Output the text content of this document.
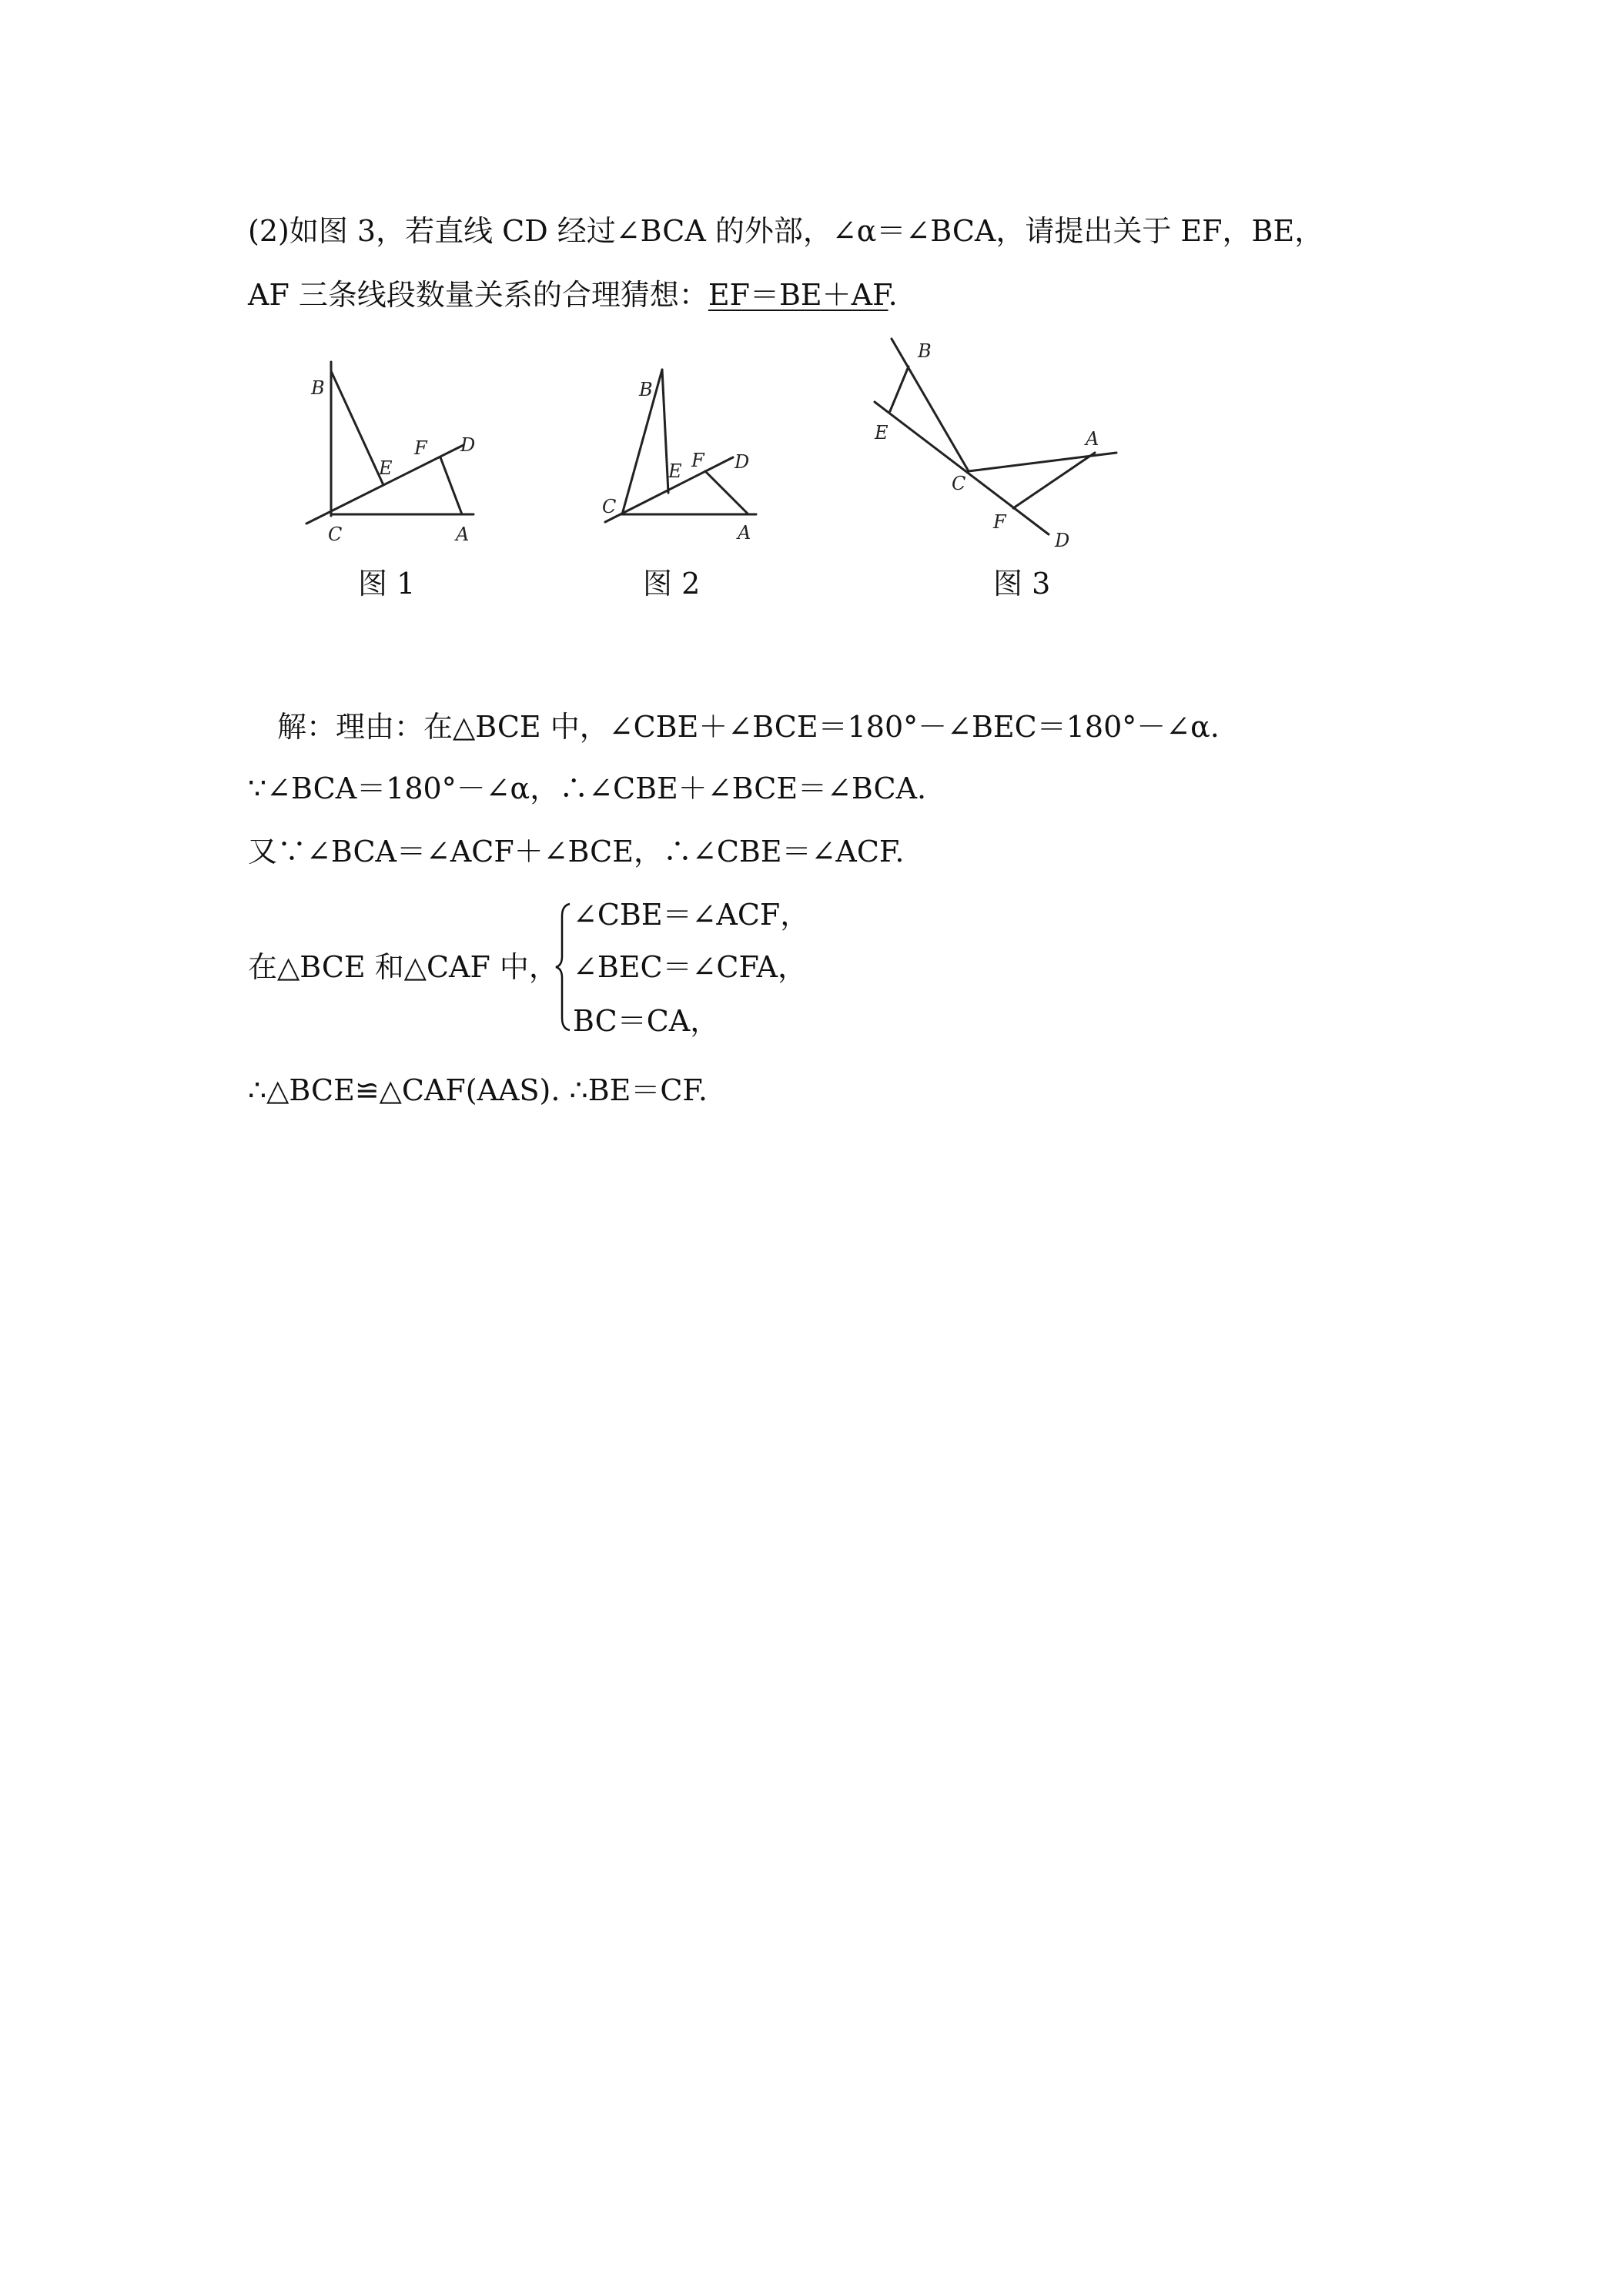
(2)如图 3，若直线 CD 经过∠BCA 的外部，∠α＝∠BCA，请提出关于 EF，BE，
AF 三条线段数量关系的合理猜想：EF＝BE＋AF.
B
C	A
E
F D
图 1
B
C
A
E F D
图 2
B
E
C
A
F
D
图 3
解：理由：在△BCE 中，∠CBE＋∠BCE＝180°－∠BEC＝180°－∠α.
∵∠BCA＝180°－∠α，∴∠CBE＋∠BCE＝∠BCA.
又∵∠BCA＝∠ACF＋∠BCE，∴∠CBE＝∠ACF.
在△BCE 和△CAF 中，
∠CBE＝∠ACF，
∠BEC＝∠CFA，
BC＝CA，
∴△BCE≌△CAF(AAS). ∴BE＝CF.
